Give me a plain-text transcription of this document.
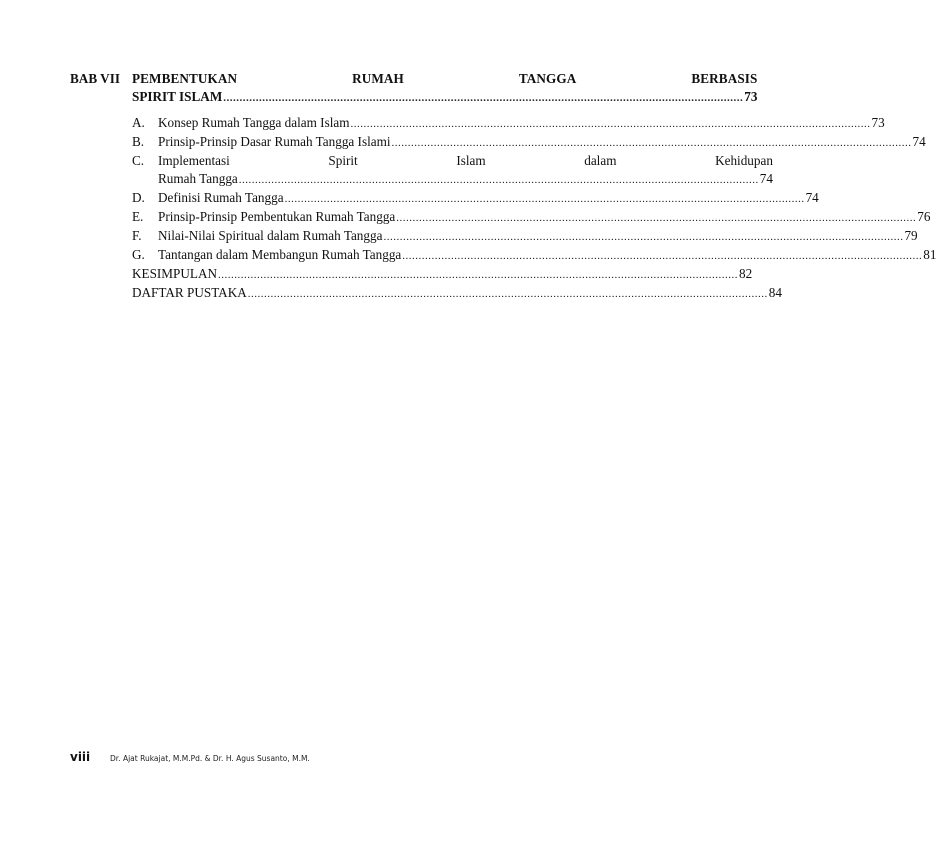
BAB VII PEMBENTUKAN	RUMAH	TANGGA	BERBASIS
SPIRIT ISLAM .....	73
A. Konsep Rumah Tangga dalam Islam .....	73
B.	Prinsip-Prinsip Dasar Rumah Tangga Islami .....	74
C.	Implementasi	Spirit	Islam	dalam	Kehidupan
Rumah Tangga .....	74
D. Definisi Rumah Tangga .....	74
E.	Prinsip-Prinsip Pembentukan Rumah Tangga .....	76
F.	Nilai-Nilai Spiritual dalam Rumah Tangga .....	79
G. Tantangan dalam Membangun Rumah Tangga .....	81
KESIMPULAN .....	82
DAFTAR PUSTAKA .....	84
viii	Dr. Ajat Rukajat, M.M.Pd. & Dr. H. Agus Susanto, M.M.
